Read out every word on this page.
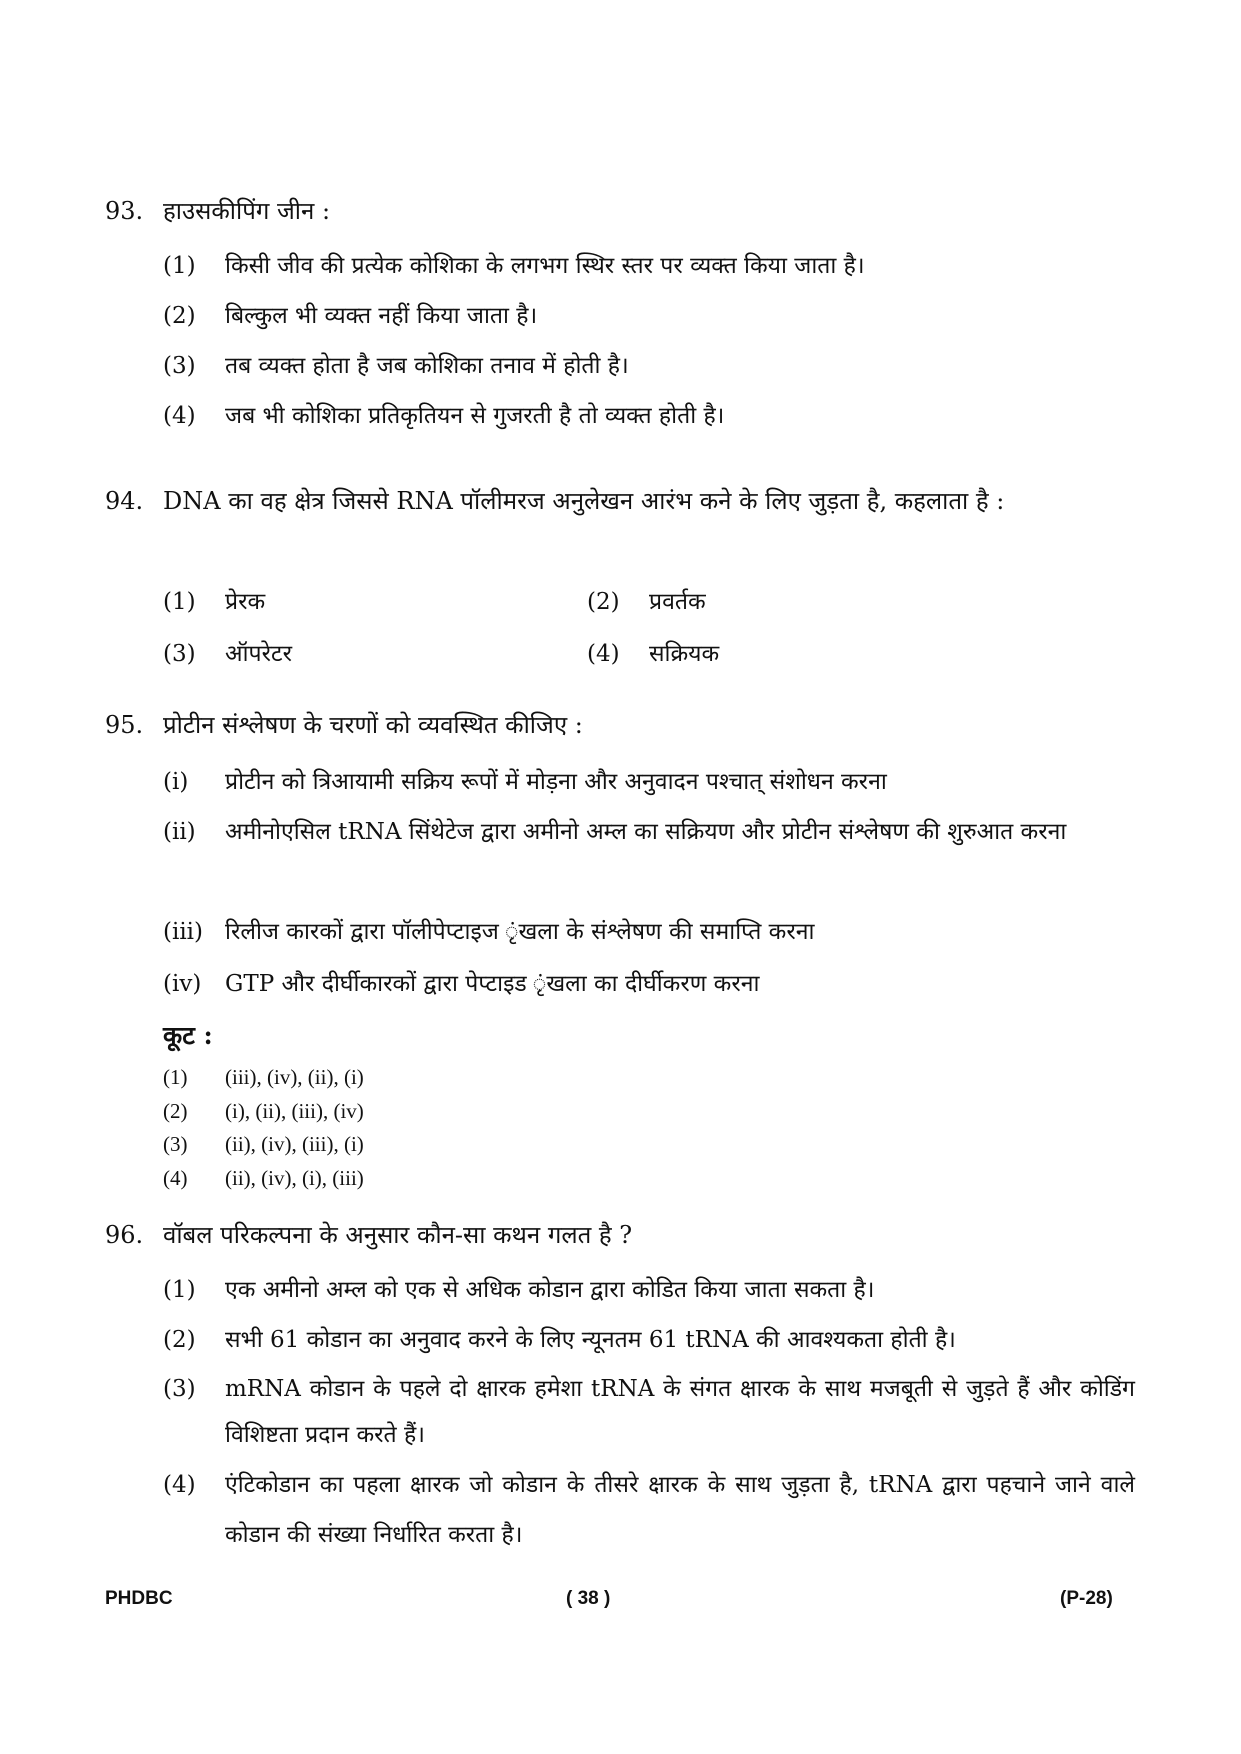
93. हाउसकीपिंग जीन :
(1) किसी जीव की प्रत्येक कोशिका के लगभग स्थिर स्तर पर व्यक्त किया जाता है।
(2) बिल्कुल भी व्यक्त नहीं किया जाता है।
(3) तब व्यक्त होता है जब कोशिका तनाव में होती है।
(4) जब भी कोशिका प्रतिकृतियन से गुजरती है तो व्यक्त होती है।
94. DNA का वह क्षेत्र जिससे RNA पॉलीमरज अनुलेखन आरंभ कने के लिए जुड़ता है, कहलाता है :
(1) प्रेरक	(2) प्रवर्तक
(3) ऑपरेटर	(4) सक्रियक
95. प्रोटीन संश्लेषण के चरणों को व्यवस्थित कीजिए :
(i) प्रोटीन को त्रिआयामी सक्रिय रूपों में मोड़ना और अनुवादन पश्चात् संशोधन करना
(ii) अमीनोएसिल tRNA सिंथेटेज द्वारा अमीनो अम्ल का सक्रियण और प्रोटीन संश्लेषण की शुरुआत करना
(iii) रिलीज कारकों द्वारा पॉलीपेप्टाइज ृंखला के संश्लेषण की समाप्ति करना
(iv) GTP और दीर्घीकारकों द्वारा पेप्टाइड ृंखला का दीर्घीकरण करना
कूट :
(1) (iii), (iv), (ii), (i)
(2) (i), (ii), (iii), (iv)
(3) (ii), (iv), (iii), (i)
(4) (ii), (iv), (i), (iii)
96. वॉबल परिकल्पना के अनुसार कौन-सा कथन गलत है ?
(1) एक अमीनो अम्ल को एक से अधिक कोडान द्वारा कोडित किया जाता सकता है।
(2) सभी 61 कोडान का अनुवाद करने के लिए न्यूनतम 61 tRNA की आवश्यकता होती है।
(3) mRNA कोडान के पहले दो क्षारक हमेशा tRNA के संगत क्षारक के साथ मजबूती से जुड़ते हैं और कोडिंग विशिष्टता प्रदान करते हैं।
(4) एंटिकोडान का पहला क्षारक जो कोडान के तीसरे क्षारक के साथ जुड़ता है, tRNA द्वारा पहचाने जाने वाले कोडान की संख्या निर्धारित करता है।
PHDBC	( 38 )	(P-28)
